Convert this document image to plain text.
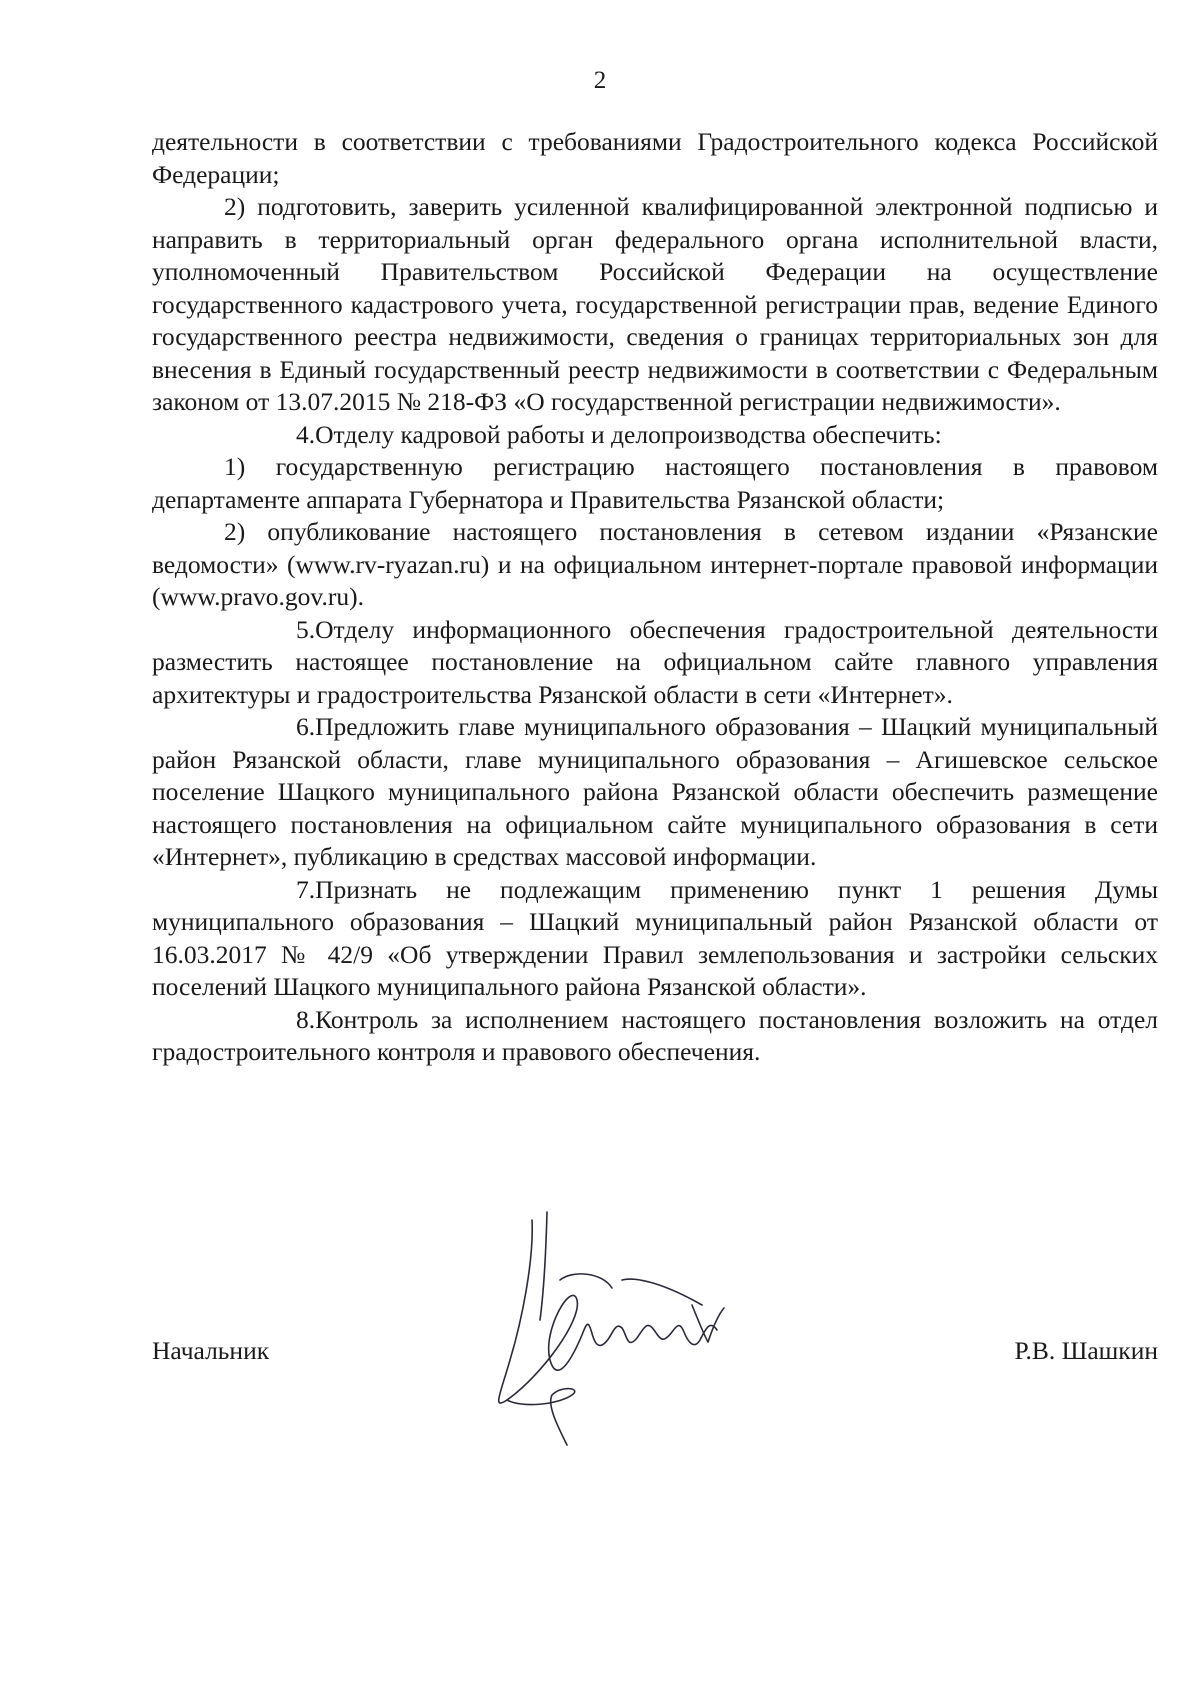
2

деятельности в соответствии с требованиями Градостроительного кодекса Российской Федерации;

2) подготовить, заверить усиленной квалифицированной электронной подписью и направить в территориальный орган федерального органа исполнительной власти, уполномоченный Правительством Российской Федерации на осуществление государственного кадастрового учета, государственной регистрации прав, ведение Единого государственного реестра недвижимости, сведения о границах территориальных зон для внесения в Единый государственный реестр недвижимости в соответствии с Федеральным законом от 13.07.2015 № 218-ФЗ «О государственной регистрации недвижимости».

4.Отделу кадровой работы и делопроизводства обеспечить:

1) государственную регистрацию настоящего постановления в правовом департаменте аппарата Губернатора и Правительства Рязанской области;

2) опубликование настоящего постановления в сетевом издании «Рязанские ведомости» (www.rv-ryazan.ru) и на официальном интернет-портале правовой информации (www.pravo.gov.ru).

5.Отделу информационного обеспечения градостроительной деятельности разместить настоящее постановление на официальном сайте главного управления архитектуры и градостроительства Рязанской области в сети «Интернет».

6.Предложить главе муниципального образования – Шацкий муниципальный район Рязанской области, главе муниципального образования – Агишевское сельское поселение Шацкого муниципального района Рязанской области обеспечить размещение настоящего постановления на официальном сайте муниципального образования в сети «Интернет», публикацию в средствах массовой информации.

7.Признать не подлежащим применению пункт 1 решения Думы муниципального образования – Шацкий муниципальный район Рязанской области от 16.03.2017 № 42/9 «Об утверждении Правил землепользования и застройки сельских поселений Шацкого муниципального района Рязанской области».

8.Контроль за исполнением настоящего постановления возложить на отдел градостроительного контроля и правового обеспечения.

Начальник	Р.В. Шашкин
